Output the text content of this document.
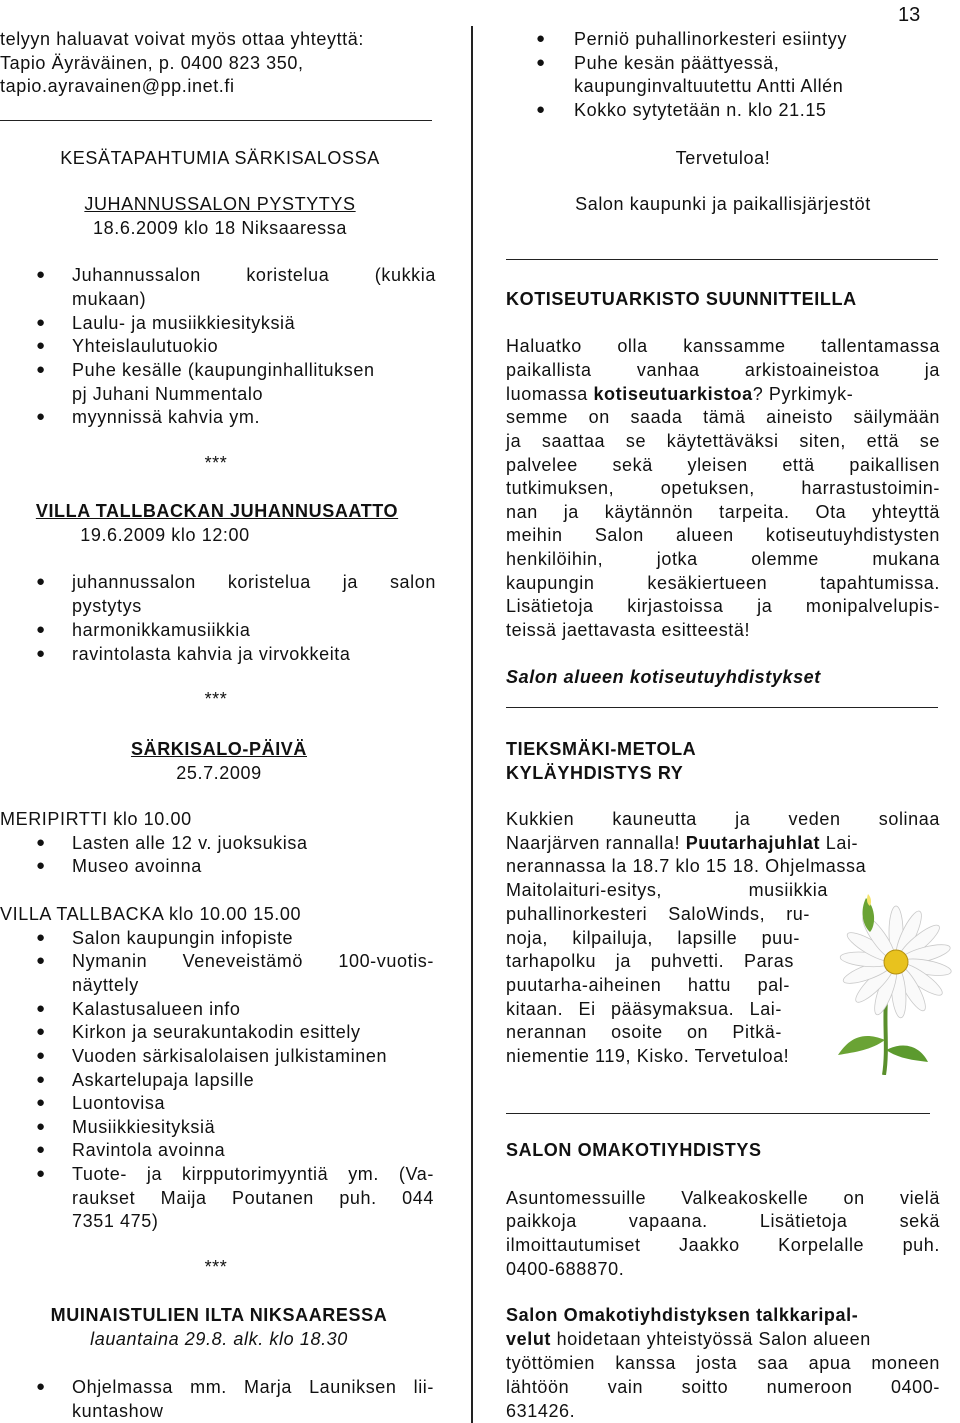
13
telyyn haluavat voivat myös ottaa yhteyttä:
Tapio Äyräväinen, p. 0400 823 350,
tapio.ayravainen@pp.inet.fi
KESÄTAPAHTUMIA SÄRKISALOSSA
JUHANNUSSALON PYSTYTYS
18.6.2009 klo 18 Niksaaressa
● Juhannussalon koristelua (kukkia
mukaan)
● Laulu- ja musiikkiesityksiä
● Yhteislaulutuokio
● Puhe kesälle (kaupunginhallituksen
pj Juhani Nummentalo
● myynnissä kahvia ym.
***
VILLA TALLBACKAN JUHANNUSAATTO
19.6.2009 klo 12:00
● juhannussalon koristelua ja salon
pystytys
● harmonikkamusiikkia
● ravintolasta kahvia ja virvokkeita
***
SÄRKISALO-PÄIVÄ
25.7.2009
MERIPIRTTI klo 10.00
● Lasten alle 12 v. juoksukisa
● Museo avoinna
VILLA TALLBACKA klo 10.00 15.00
● Salon kaupungin infopiste
● Nymanin Veneveistämö 100-vuotis-
näyttely
● Kalastusalueen info
● Kirkon ja seurakuntakodin esittely
● Vuoden särkisalolaisen julkistaminen
● Askartelupaja lapsille
● Luontovisa
● Musiikkiesityksiä
● Ravintola avoinna
● Tuote- ja kirpputorimyyntiä ym. (Va-
raukset Maija Poutanen puh. 044
7351 475)
***
MUINAISTULIEN ILTA NIKSAARESSA
lauantaina 29.8. alk. klo 18.30
● Ohjelmassa mm. Marja Launiksen lii-
kuntashow
● Perniö puhallinorkesteri esiintyy
● Puhe kesän päättyessä,
kaupunginvaltuutettu Antti Allén
● Kokko sytytetään n. klo 21.15
Tervetuloa!
Salon kaupunki ja paikallisjärjestöt
KOTISEUTUARKISTO SUUNNITTEILLA
Haluatko olla kanssamme tallentamassa
paikallista vanhaa arkistoaineistoa ja
luomassa kotiseutuarkistoa? Pyrkimyk-
semme on saada tämä aineisto säilymään
ja saattaa se käytettäväksi siten, että se
palvelee sekä yleisen että paikallisen
tutkimuksen, opetuksen, harrastustoimin-
nan ja käytännön tarpeita. Ota yhteyttä
meihin Salon alueen kotiseutuyhdistysten
henkilöihin, jotka olemme mukana
kaupungin kesäkiertueen tapahtumissa.
Lisätietoja kirjastoissa ja monipalvelupis-
teissä jaettavasta esitteestä!
Salon alueen kotiseutuyhdistykset
TIEKSMÄKI-METOLA
KYLÄYHDISTYS RY
Kukkien kauneutta ja veden solinaa
Naarjärven rannalla! Puutarhajuhlat Lai-
nerannassa la 18.7 klo 15 18. Ohjelmassa
Maitolaituri-esitys, musiikkia
puhallinorkesteri SaloWinds, ru-
noja, kilpailuja, lapsille puu-
tarhapolku ja puhvetti. Paras
puutarha-aiheinen hattu pal-
kitaan. Ei pääsymaksua. Lai-
nerannan osoite on Pitkä-
niementie 119, Kisko. Tervetuloa!
SALON OMAKOTIYHDISTYS
Asuntomessuille Valkeakoskelle on vielä
paikkoja vapaana. Lisätietoja sekä
ilmoittautumiset Jaakko Korpelalle puh.
0400-688870.
Salon Omakotiyhdistyksen talkkaripal-
velut hoidetaan yhteistyössä Salon alueen
työttömien kanssa josta saa apua moneen
lähtöön vain soitto numeroon 0400-
631426.
